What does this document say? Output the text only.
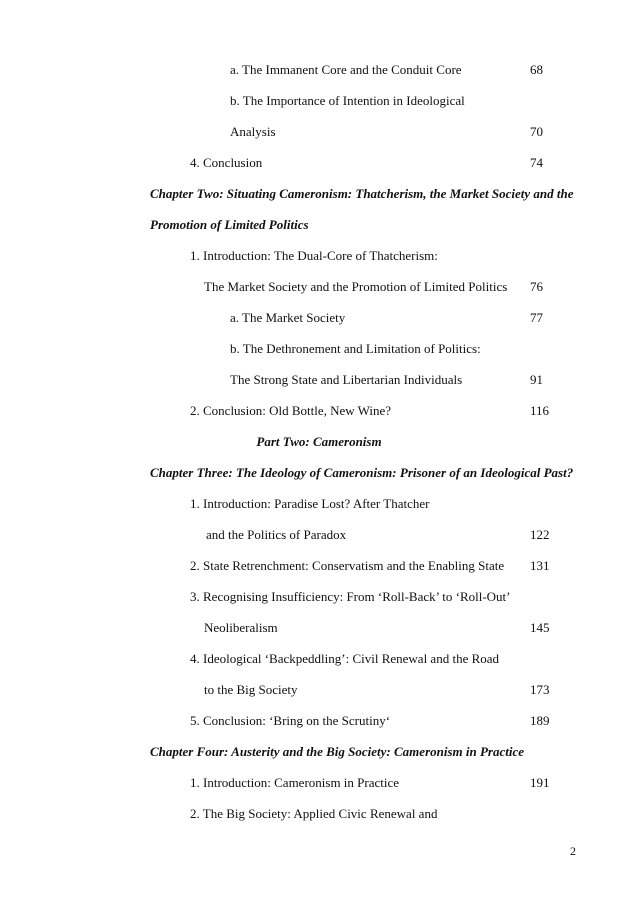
a. The Immanent Core and the Conduit Core	68
b. The Importance of Intention in Ideological
Analysis	70
4. Conclusion	74
Chapter Two: Situating Cameronism: Thatcherism, the Market Society and the
Promotion of Limited Politics
1. Introduction: The Dual-Core of Thatcherism:
The Market Society and the Promotion of Limited Politics 76
a. The Market Society	77
b. The Dethronement and Limitation of Politics:
The Strong State and Libertarian Individuals	91
2. Conclusion: Old Bottle, New Wine?	116
Part Two: Cameronism
Chapter Three: The Ideology of Cameronism: Prisoner of an Ideological Past?
1. Introduction: Paradise Lost? After Thatcher
and the Politics of Paradox	122
2. State Retrenchment: Conservatism and the Enabling State 131
3. Recognising Insufficiency: From ‘Roll-Back’ to ‘Roll-Out’
Neoliberalism	145
4. Ideological ‘Backpeddling’: Civil Renewal and the Road
to the Big Society	173
5. Conclusion: ‘Bring on the Scrutiny‘	189
Chapter Four: Austerity and the Big Society: Cameronism in Practice
1. Introduction: Cameronism in Practice	191
2. The Big Society: Applied Civic Renewal and
2
